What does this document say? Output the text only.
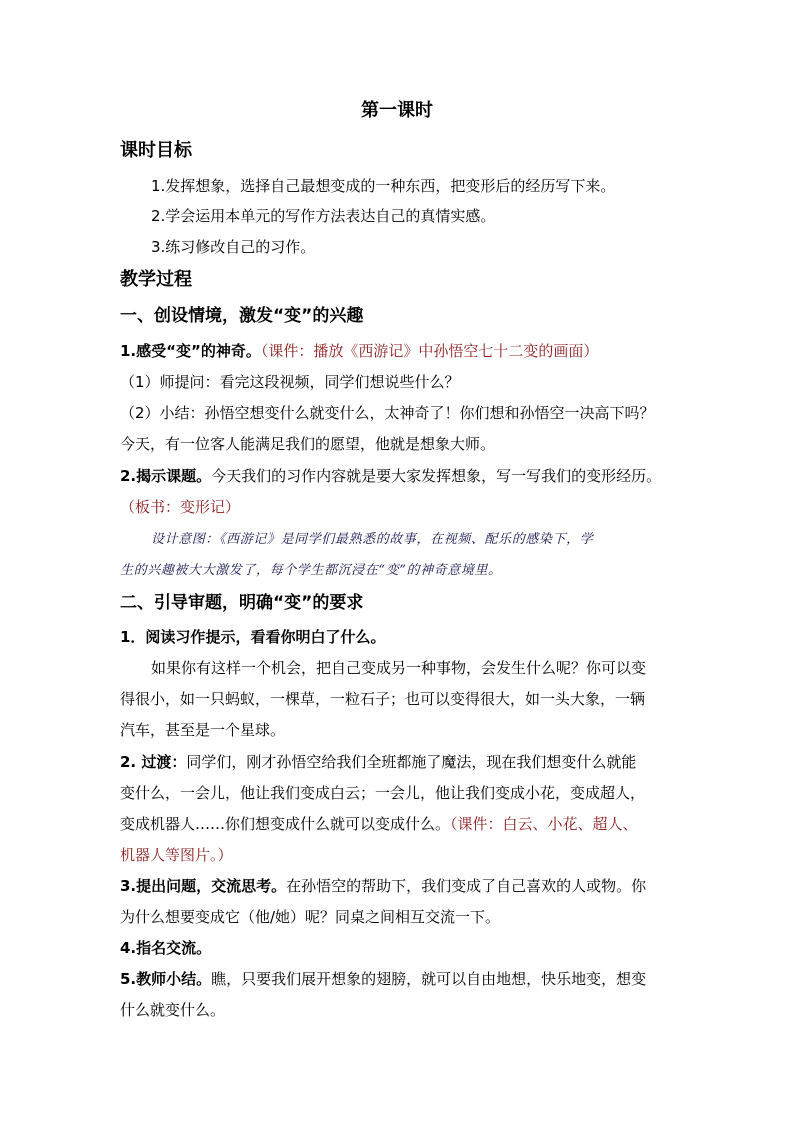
第一课时
课时目标
1.发挥想象，选择自己最想变成的一种东西，把变形后的经历写下来。
2.学会运用本单元的写作方法表达自己的真情实感。
3.练习修改自己的习作。
教学过程
一、创设情境，激发“变”的兴趣
1.感受“变”的神奇。（课件：播放《西游记》中孙悟空七十二变的画面）
（1）师提问：看完这段视频，同学们想说些什么？
（2）小结：孙悟空想变什么就变什么，太神奇了！你们想和孙悟空一决高下吗？
今天，有一位客人能满足我们的愿望，他就是想象大师。
2.揭示课题。今天我们的习作内容就是要大家发挥想象，写一写我们的变形经历。
（板书：变形记）
设计意图：《西游记》是同学们最熟悉的故事，在视频、配乐的感染下，学
生的兴趣被大大激发了，每个学生都沉浸在“变”的神奇意境里。
二、引导审题，明确“变”的要求
1．阅读习作提示，看看你明白了什么。
如果你有这样一个机会，把自己变成另一种事物，会发生什么呢？你可以变
得很小，如一只蚂蚁，一棵草，一粒石子；也可以变得很大，如一头大象，一辆
汽车，甚至是一个星球。
2. 过渡：同学们，刚才孙悟空给我们全班都施了魔法，现在我们想变什么就能
变什么，一会儿，他让我们变成白云；一会儿，他让我们变成小花，变成超人，
变成机器人……你们想变成什么就可以变成什么。（课件：白云、小花、超人、
机器人等图片。）
3.提出问题，交流思考。在孙悟空的帮助下，我们变成了自己喜欢的人或物。你
为什么想要变成它（他/她）呢？同桌之间相互交流一下。
4.指名交流。
5.教师小结。瞧，只要我们展开想象的翅膀，就可以自由地想，快乐地变，想变
什么就变什么。
